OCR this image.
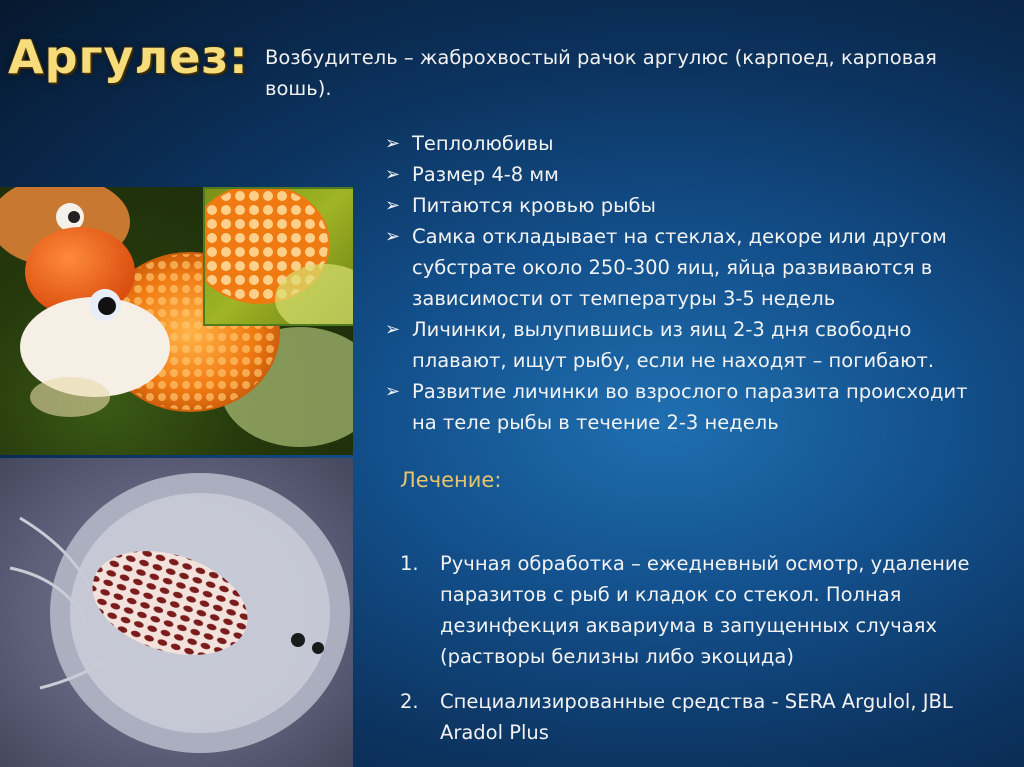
Аргулез: Возбудитель – жаброхвостый рачок аргулюс (карпоед, карповая вошь).

➢ Теплолюбивы
➢ Размер 4-8 мм
➢ Питаются кровью рыбы
➢ Самка откладывает на стеклах, декоре или другом субстрате около 250-300 яиц, яйца развиваются в зависимости от температуры 3-5 недель
➢ Личинки, вылупившись из яиц 2-3 дня свободно плавают, ищут рыбу, если не находят – погибают.
➢ Развитие личинки во взрослого паразита происходит на теле рыбы в течение 2-3 недель
Лечение:
1. Ручная обработка – ежедневный осмотр, удаление паразитов с рыб и кладок со стекол. Полная дезинфекция аквариума в запущенных случаях (растворы белизны либо экоцида)
2. Специализированные средства - SERA Argulol, JBL Aradol Plus
